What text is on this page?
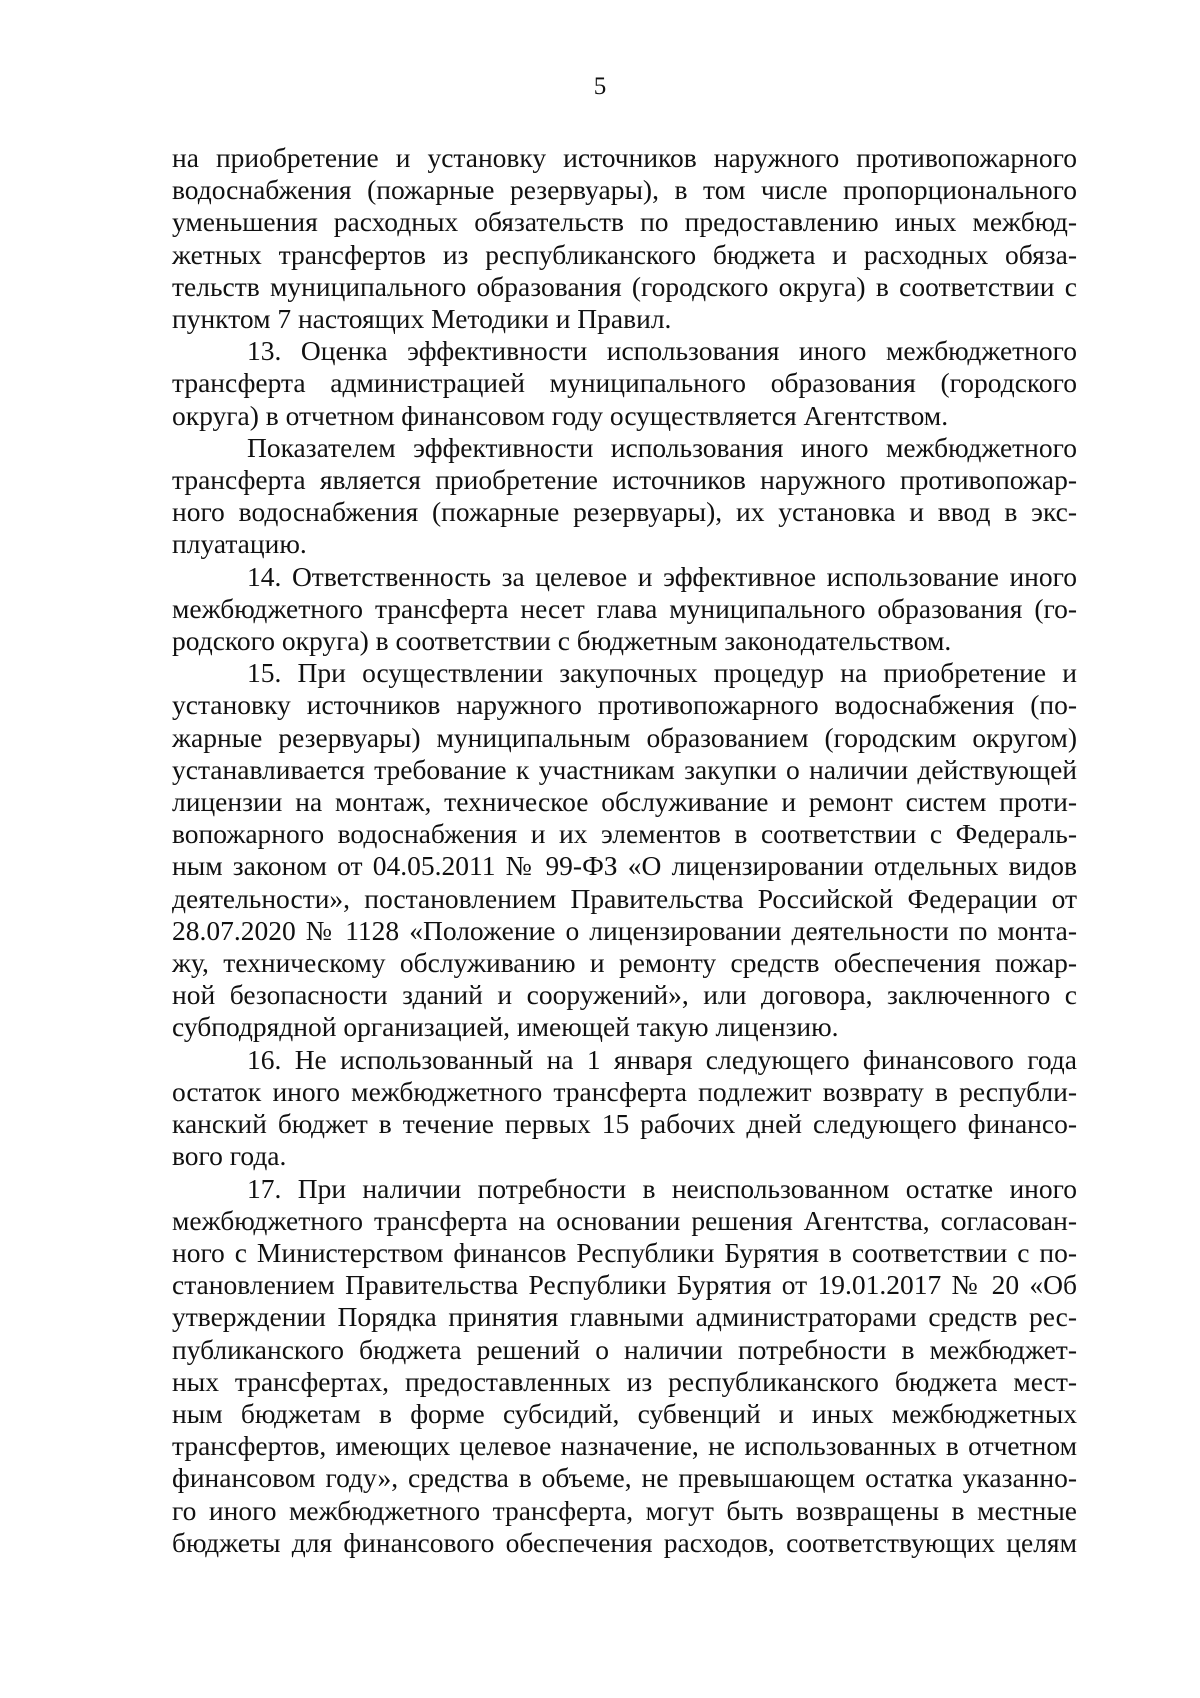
5

на приобретение и установку источников наружного противопожарного
водоснабжения (пожарные резервуары), в том числе пропорционального
уменьшения расходных обязательств по предоставлению иных межбюд-
жетных трансфертов из республиканского бюджета и расходных обяза-
тельств муниципального образования (городского округа) в соответствии с
пунктом 7 настоящих Методики и Правил.

13. Оценка эффективности использования иного межбюджетного
трансферта администрацией муниципального образования (городского
округа) в отчетном финансовом году осуществляется Агентством.

Показателем эффективности использования иного межбюджетного
трансферта является приобретение источников наружного противопожар-
ного водоснабжения (пожарные резервуары), их установка и ввод в экс-
плуатацию.

14. Ответственность за целевое и эффективное использование иного
межбюджетного трансферта несет глава муниципального образования (го-
родского округа) в соответствии с бюджетным законодательством.

15. При осуществлении закупочных процедур на приобретение и
установку источников наружного противопожарного водоснабжения (по-
жарные резервуары) муниципальным образованием (городским округом)
устанавливается требование к участникам закупки о наличии действующей
лицензии на монтаж, техническое обслуживание и ремонт систем проти-
вопожарного водоснабжения и их элементов в соответствии с Федераль-
ным законом от 04.05.2011 № 99-ФЗ «О лицензировании отдельных видов
деятельности», постановлением Правительства Российской Федерации от
28.07.2020 № 1128 «Положение о лицензировании деятельности по монта-
жу, техническому обслуживанию и ремонту средств обеспечения пожар-
ной безопасности зданий и сооружений», или договора, заключенного с
субподрядной организацией, имеющей такую лицензию.

16. Не использованный на 1 января следующего финансового года
остаток иного межбюджетного трансферта подлежит возврату в республи-
канский бюджет в течение первых 15 рабочих дней следующего финансо-
вого года.

17. При наличии потребности в неиспользованном остатке иного
межбюджетного трансферта на основании решения Агентства, согласован-
ного с Министерством финансов Республики Бурятия в соответствии с по-
становлением Правительства Республики Бурятия от 19.01.2017 № 20 «Об
утверждении Порядка принятия главными администраторами средств рес-
публиканского бюджета решений о наличии потребности в межбюджет-
ных трансфертах, предоставленных из республиканского бюджета мест-
ным бюджетам в форме субсидий, субвенций и иных межбюджетных
трансфертов, имеющих целевое назначение, не использованных в отчетном
финансовом году», средства в объеме, не превышающем остатка указанно-
го иного межбюджетного трансферта, могут быть возвращены в местные
бюджеты для финансового обеспечения расходов, соответствующих целям
